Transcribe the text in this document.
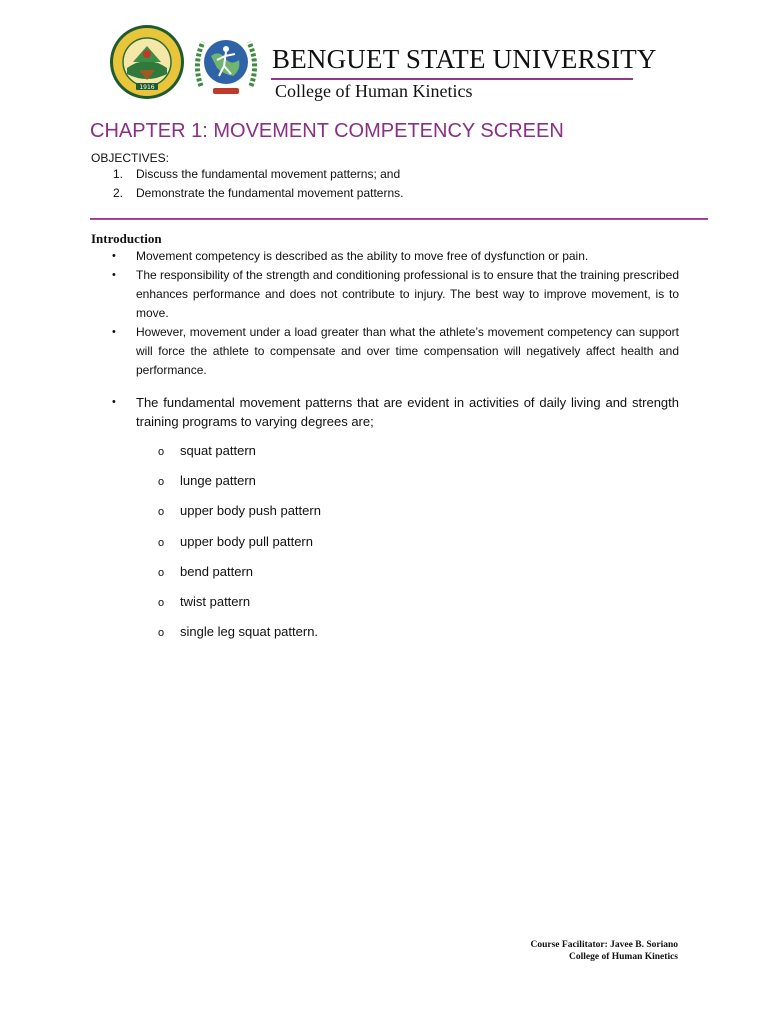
1916
BENGUET STATE UNIVERSITY

College of Human Kinetics

CHAPTER 1: MOVEMENT COMPETENCY SCREEN

OBJECTIVES:

1. Discuss the fundamental movement patterns; and
2. Demonstrate the fundamental movement patterns.
Introduction
• Movement competency is described as the ability to move free of dysfunction or pain.
• The responsibility of the strength and conditioning professional is to ensure that the training prescribed enhances performance and does not contribute to injury. The best way to improve movement, is to move.
• However, movement under a load greater than what the athlete’s movement competency can support will force the athlete to compensate and over time compensation will negatively affect health and performance.
• The fundamental movement patterns that are evident in activities of daily living and strength training programs to varying degrees are;
o squat pattern
o lunge pattern
o upper body push pattern
o upper body pull pattern
o bend pattern
o twist pattern
o single leg squat pattern.
Course Facilitator: Javee B. Soriano
College of Human Kinetics
